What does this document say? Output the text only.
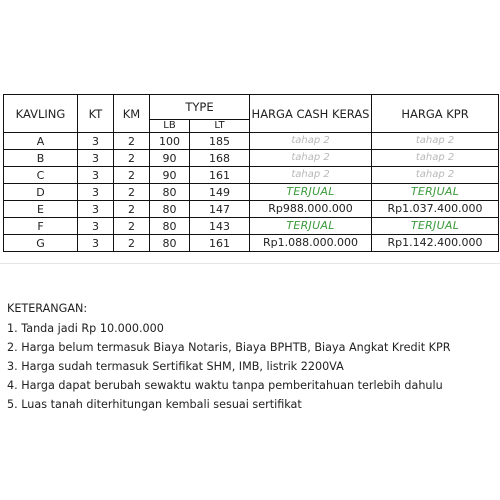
KAVLING	KT	KM	TYPE		HARGA CASH KERAS	HARGA KPR
			LB	LT		
A	3	2	100	185	tahap 2	tahap 2
B	3	2	90	168	tahap 2	tahap 2
C	3	2	90	161	tahap 2	tahap 2
D	3	2	80	149	TERJUAL	TERJUAL
E	3	2	80	147	Rp988.000.000	Rp1.037.400.000
F	3	2	80	143	TERJUAL	TERJUAL
G	3	2	80	161	Rp1.088.000.000	Rp1.142.400.000
KETERANGAN:
1. Tanda jadi Rp 10.000.000
2. Harga belum termasuk Biaya Notaris, Biaya BPHTB, Biaya Angkat Kredit KPR
3. Harga sudah termasuk Sertifikat SHM, IMB, listrik 2200VA
4. Harga dapat berubah sewaktu waktu tanpa pemberitahuan terlebih dahulu
5. Luas tanah diterhitungan kembali sesuai sertifikat
